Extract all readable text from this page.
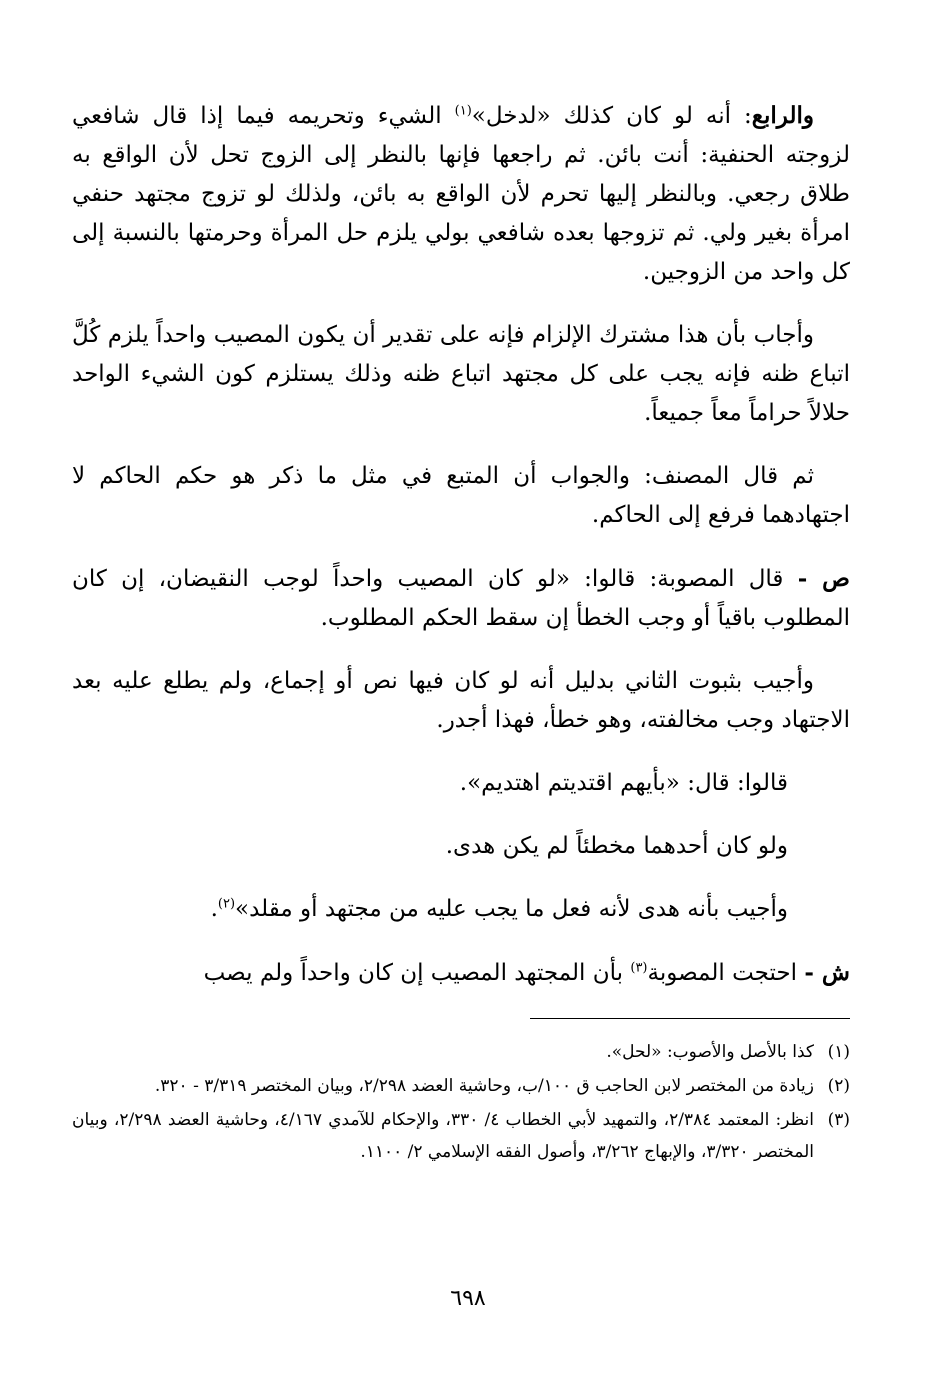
والرابع: أنه لو كان كذلك «لدخل»$^{(١)}$ الشيء وتحريمه فيما إذا قال شافعي لزوجته الحنفية: أنت بائن. ثم راجعها فإنها بالنظر إلى الزوج تحل لأن الواقع به طلاق رجعي. وبالنظر إليها تحرم لأن الواقع به بائن، ولذلك لو تزوج مجتهد حنفي امرأة بغير ولي. ثم تزوجها بعده شافعي بولي يلزم حل المرأة وحرمتها بالنسبة إلى كل واحد من الزوجين.

وأجاب بأن هذا مشترك الإلزام فإنه على تقدير أن يكون المصيب واحداً يلزم كُلَّ اتباع ظنه فإنه يجب على كل مجتهد اتباع ظنه وذلك يستلزم كون الشيء الواحد حلالاً حراماً معاً جميعاً.

ثم قال المصنف: والجواب أن المتبع في مثل ما ذكر هو حكم الحاكم لا اجتهادهما فرفع إلى الحاكم.

ص - قال المصوبة: قالوا: «لو كان المصيب واحداً لوجب النقيضان، إن كان المطلوب باقياً أو وجب الخطأ إن سقط الحكم المطلوب.

وأجيب بثبوت الثاني بدليل أنه لو كان فيها نص أو إجماع، ولم يطلع عليه بعد الاجتهاد وجب مخالفته، وهو خطأ، فهذا أجدر.

قالوا: قال: «بأيهم اقتديتم اهتديم».

ولو كان أحدهما مخطئاً لم يكن هدى.

وأجيب بأنه هدى لأنه فعل ما يجب عليه من مجتهد أو مقلد»$^{(٢)}$.

ش - احتجت المصوبة$^{(٣)}$ بأن المجتهد المصيب إن كان واحداً ولم يصب

(١)
كذا بالأصل والأصوب: «لحل».
(٢)
زيادة من المختصر لابن الحاجب ق ١٠٠/ب، وحاشية العضد ٢/٢٩٨، وبيان المختصر ٣/٣١٩ - ٣٢٠.
(٣)
انظر: المعتمد ٢/٣٨٤، والتمهيد لأبي الخطاب ٤/ ٣٣٠، والإحكام للآمدي ٤/١٦٧، وحاشية العضد ٢/٢٩٨، وبيان المختصر ٣/٣٢٠، والإبهاج ٣/٢٦٢، وأصول الفقه الإسلامي ٢/ ١١٠٠.
٦٩٨
